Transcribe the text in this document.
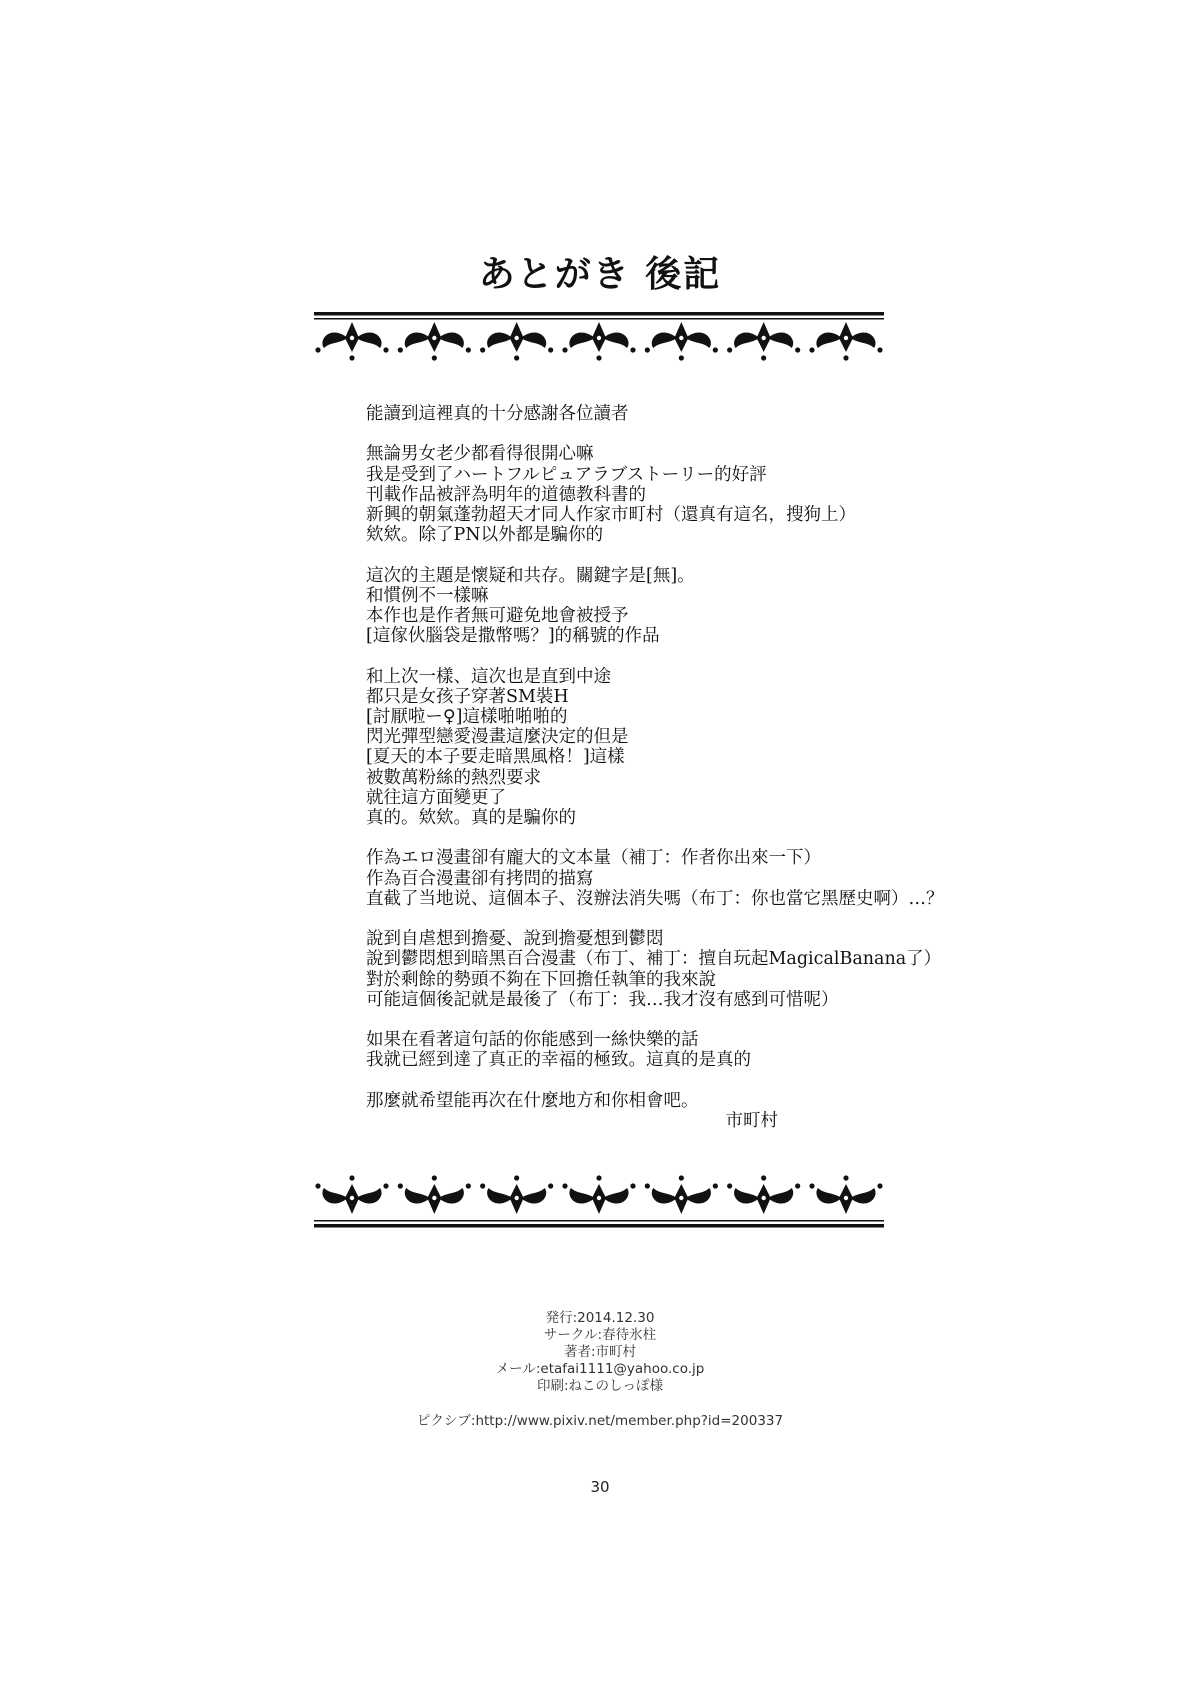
あとがき 後記

能讀到這裡真的十分感謝各位讀者

無論男女老少都看得很開心嘛

我是受到了ハートフルピュアラブストーリー的好評

刊載作品被評為明年的道德教科書的

新興的朝氣蓬勃超天才同人作家市町村（還真有這名，搜狗上）

欸欸。除了PN以外都是騙你的

這次的主題是懷疑和共存。關鍵字是[無]。

和慣例不一樣嘛

本作也是作者無可避免地會被授予

[這傢伙腦袋是撒幣嗎？]的稱號的作品

和上次一樣、這次也是直到中途

都只是女孩子穿著SM裝H

[討厭啦ー♀]這樣啪啪啪的

閃光彈型戀愛漫畫這麼決定的但是

[夏天的本子要走暗黑風格！]這樣

被數萬粉絲的熱烈要求

就往這方面變更了

真的。欸欸。真的是騙你的

作為エロ漫畫卻有龐大的文本量（補丁：作者你出來一下）

作為百合漫畫卻有拷問的描寫

直截了当地说、這個本子、沒辦法消失嗎（布丁：你也當它黑歷史啊）…？

說到自虐想到擔憂、說到擔憂想到鬱悶

說到鬱悶想到暗黑百合漫畫（布丁、補丁：擅自玩起MagicalBanana了）

對於剩餘的勢頭不夠在下回擔任執筆的我來說

可能這個後記就是最後了（布丁：我…我才沒有感到可惜呢）

如果在看著這句話的你能感到一絲快樂的話

我就已經到達了真正的幸福的極致。這真的是真的

那麼就希望能再次在什麼地方和你相會吧。

市町村

発行:2014.12.30

サークル:春待氷柱

著者:市町村

メール:etafai1111@yahoo.co.jp

印刷:ねこのしっぽ様

ピクシブ:http://www.pixiv.net/member.php?id=200337

30
